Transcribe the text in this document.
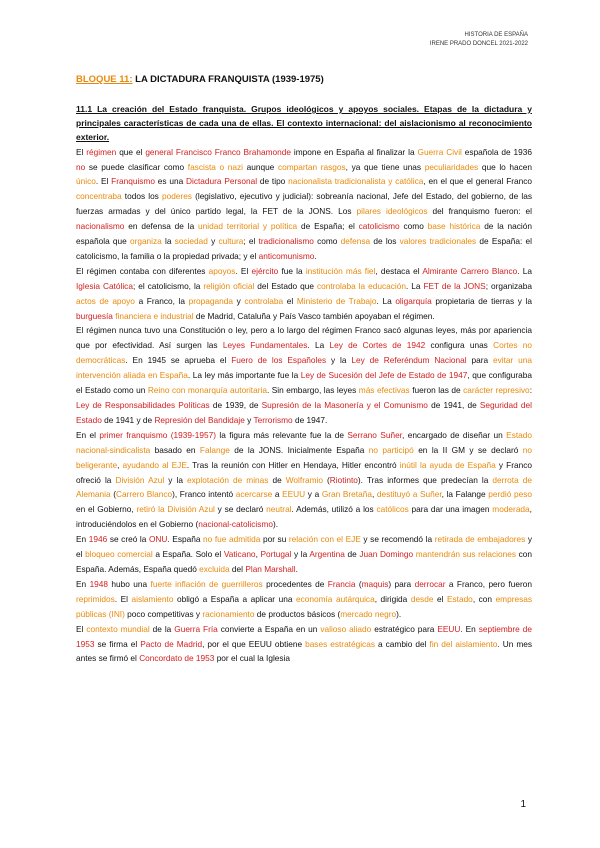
HISTORIA DE ESPAÑA
IRENE PRADO DONCEL 2021-2022
BLOQUE 11: LA DICTADURA FRANQUISTA (1939-1975)

11.1 La creación del Estado franquista. Grupos ideológicos y apoyos sociales. Etapas de la dictadura y principales características de cada una de ellas. El contexto internacional: del aislacionismo al reconocimiento exterior.

El régimen que el general Francisco Franco Brahamonde impone en España al finalizar la Guerra Civil española de 1936 no se puede clasificar como fascista o nazi aunque compartan rasgos, ya que tiene unas peculiaridades que lo hacen único. El Franquismo es una Dictadura Personal de tipo nacionalista tradicionalista y católica, en el que el general Franco concentraba todos los poderes (legislativo, ejecutivo y judicial): sobreanía nacional, Jefe del Estado, del gobierno, de las fuerzas armadas y del único partido legal, la FET de la JONS. Los pilares ideológicos del franquismo fueron: el nacionalismo en defensa de la unidad territorial y política de España; el catolicismo como base histórica de la nación española que organiza la sociedad y cultura; el tradicionalismo como defensa de los valores tradicionales de España: el catolicismo, la familia o la propiedad privada; y el anticomunismo.

El régimen contaba con diferentes apoyos. El ejército fue la institución más fiel, destaca el Almirante Carrero Blanco. La Iglesia Católica; el catolicismo, la religión oficial del Estado que controlaba la educación. La FET de la JONS; organizaba actos de apoyo a Franco, la propaganda y controlaba el Ministerio de Trabajo. La oligarquía propietaria de tierras y la burguesía financiera e industrial de Madrid, Cataluña y País Vasco también apoyaban el régimen.

El régimen nunca tuvo una Constitución o ley, pero a lo largo del régimen Franco sacó algunas leyes, más por apariencia que por efectividad. Así surgen las Leyes Fundamentales. La Ley de Cortes de 1942 configura unas Cortes no democráticas. En 1945 se aprueba el Fuero de los Españoles y la Ley de Referéndum Nacional para evitar una intervención aliada en España. La ley más importante fue la Ley de Sucesión del Jefe de Estado de 1947, que configuraba el Estado como un Reino con monarquía autoritaria. Sin embargo, las leyes más efectivas fueron las de carácter represivo: Ley de Responsabilidades Políticas de 1939, de Supresión de la Masonería y el Comunismo de 1941, de Seguridad del Estado de 1941 y de Represión del Bandidaje y Terrorismo de 1947.

En el primer franquismo (1939-1957) la figura más relevante fue la de Serrano Suñer, encargado de diseñar un Estado nacional-sindicalista basado en Falange de la JONS. Inicialmente España no participó en la II GM y se declaró no beligerante, ayudando al EJE. Tras la reunión con Hitler en Hendaya, Hitler encontró inútil la ayuda de España y Franco ofreció la División Azul y la explotación de minas de Wolframio (Riotinto). Tras informes que predecían la derrota de Alemania (Carrero Blanco), Franco intentó acercarse a EEUU y a Gran Bretaña, destituyó a Suñer, la Falange perdió peso en el Gobierno, retiró la División Azul y se declaró neutral. Además, utilizó a los católicos para dar una imagen moderada, introduciéndolos en el Gobierno (nacional-catolicismo).

En 1946 se creó la ONU. España no fue admitida por su relación con el EJE y se recomendó la retirada de embajadores y el bloqueo comercial a España. Solo el Vaticano, Portugal y la Argentina de Juan Domingo mantendrán sus relaciones con España. Además, España quedó excluida del Plan Marshall.

En 1948 hubo una fuerte inflación de guerrilleros procedentes de Francia (maquis) para derrocar a Franco, pero fueron reprimidos. El aislamiento obligó a España a aplicar una economía autárquica, dirigida desde el Estado, con empresas públicas (INI) poco competitivas y racionamiento de productos básicos (mercado negro).

El contexto mundial de la Guerra Fría convierte a España en un valioso aliado estratégico para EEUU. En septiembre de 1953 se firma el Pacto de Madrid, por el que EEUU obtiene bases estratégicas a cambio del fin del aislamiento. Un mes antes se firmó el Concordato de 1953 por el cual la Iglesia

1
